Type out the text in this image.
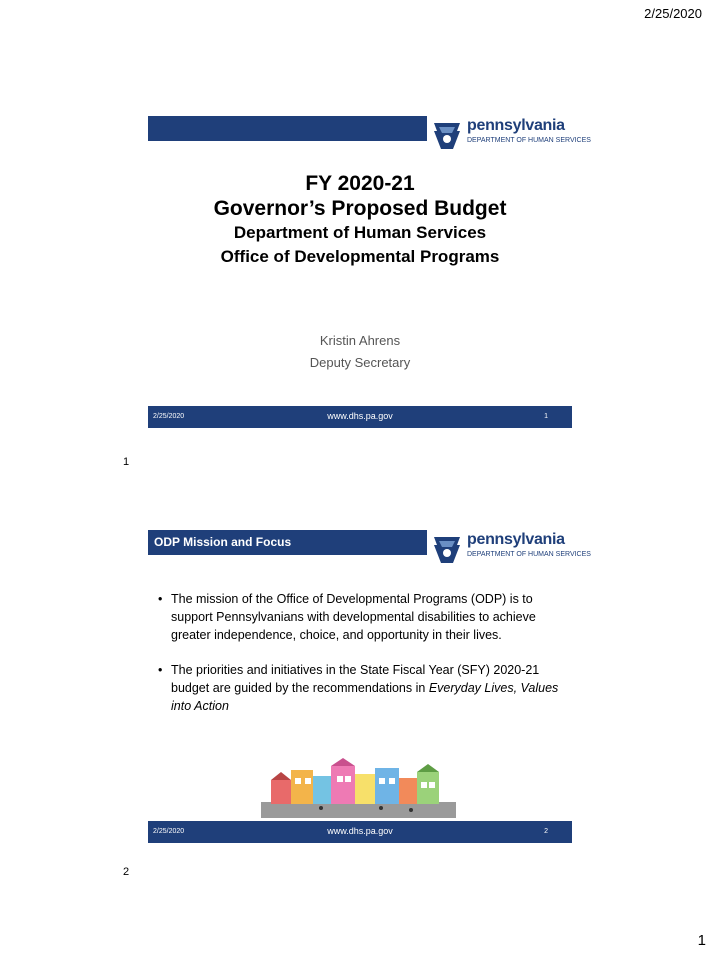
2/25/2020
pennsylvania
DEPARTMENT OF HUMAN SERVICES
FY 2020-21
Governor’s Proposed Budget
Department of Human Services
Office of Developmental Programs
Kristin Ahrens
Deputy Secretary
2/25/2020	www.dhs.pa.gov	1
1
ODP Mission and Focus	pennsylvania
DEPARTMENT OF HUMAN SERVICES
• The mission of the Office of Developmental Programs (ODP) is to support Pennsylvanians with developmental disabilities to achieve greater independence, choice, and opportunity in their lives.
• The priorities and initiatives in the State Fiscal Year (SFY) 2020-21 budget are guided by the recommendations in Everyday Lives, Values into Action
2/25/2020	www.dhs.pa.gov	2
2
1
